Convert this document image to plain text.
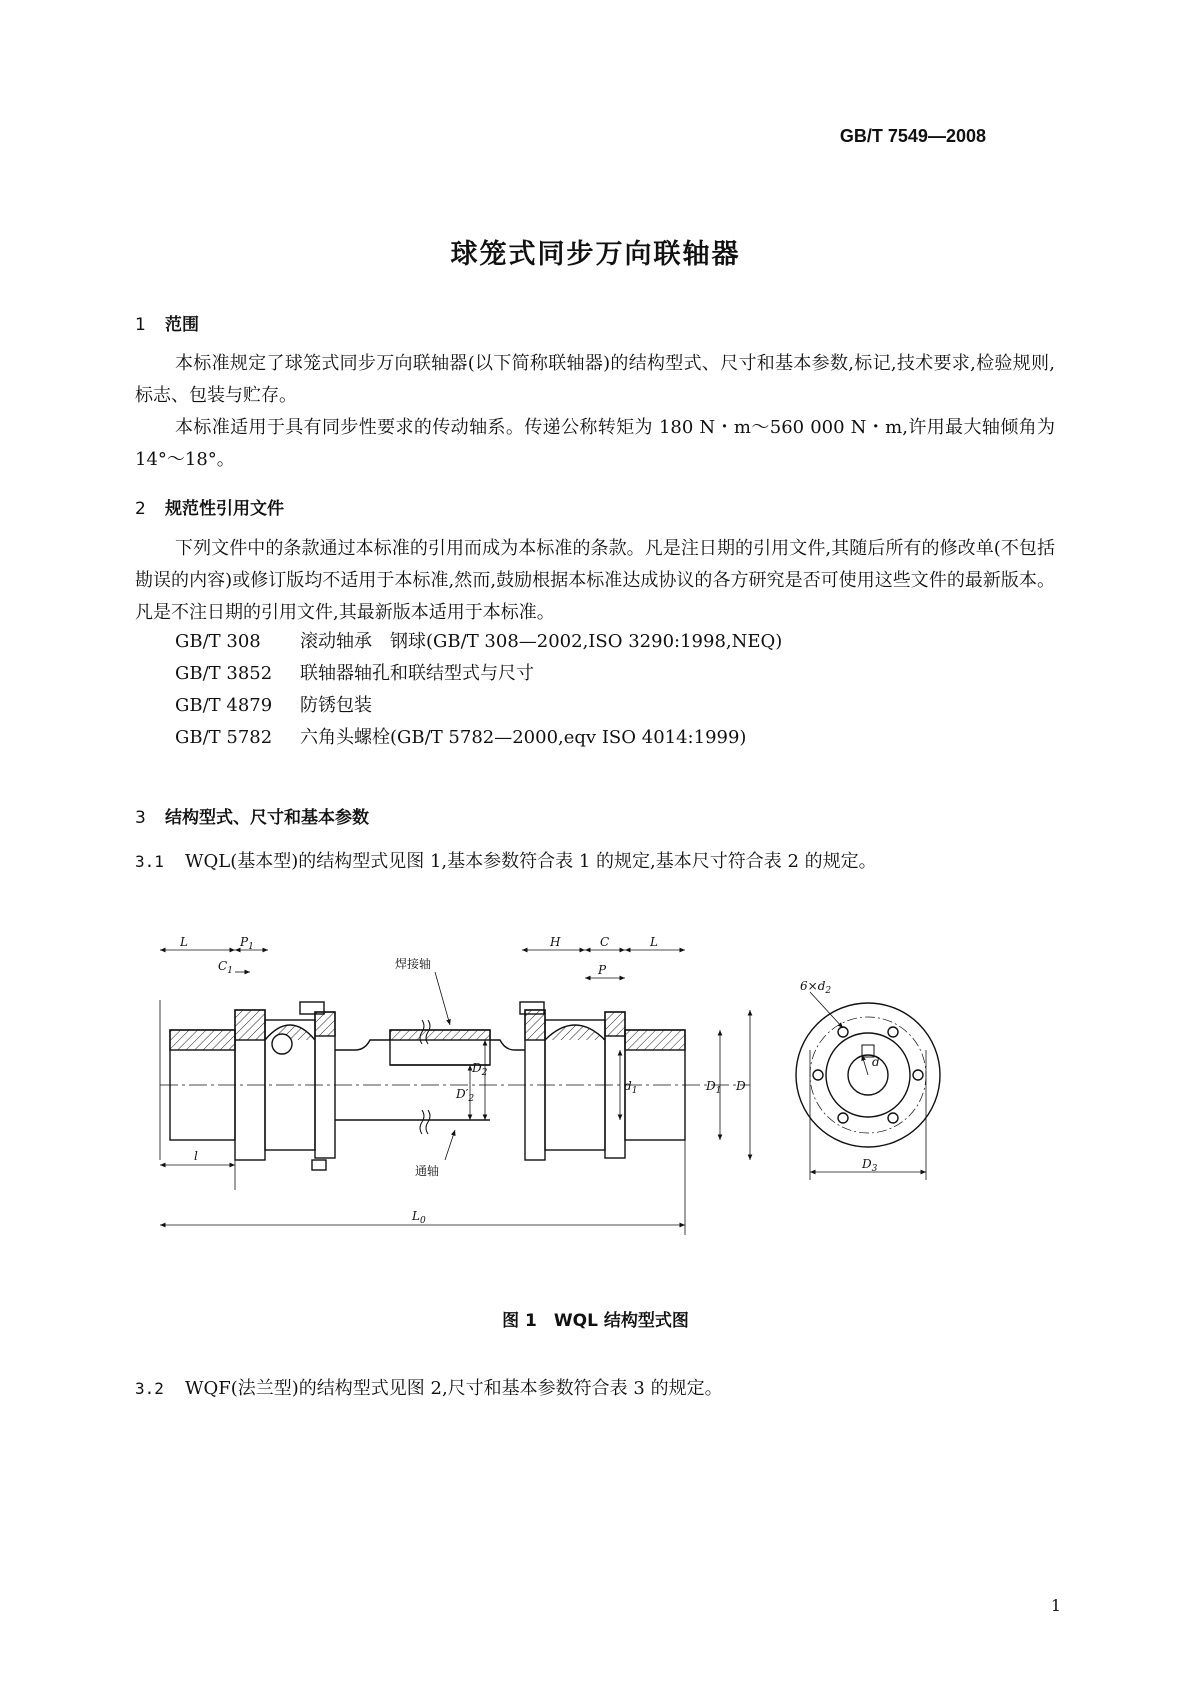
GB/T 7549—2008
球笼式同步万向联轴器
1 范围

本标准规定了球笼式同步万向联轴器(以下简称联轴器)的结构型式、尺寸和基本参数,标记,技术要求,检验规则,标志、包装与贮存。

本标准适用于具有同步性要求的传动轴系。传递公称转矩为 180 N・m～560 000 N・m,许用最大轴倾角为 14°～18°。

2 规范性引用文件

下列文件中的条款通过本标准的引用而成为本标准的条款。凡是注日期的引用文件,其随后所有的修改单(不包括勘误的内容)或修订版均不适用于本标准,然而,鼓励根据本标准达成协议的各方研究是否可使用这些文件的最新版本。凡是不注日期的引用文件,其最新版本适用于本标准。

GB/T 308 滚动轴承　钢球(GB/T 308—2002,ISO 3290:1998,NEQ)
GB/T 3852 联轴器轴孔和联结型式与尺寸
GB/T 4879 防锈包装
GB/T 5782 六角头螺栓(GB/T 5782—2000,eqv ISO 4014:1999)
3 结构型式、尺寸和基本参数
3.1 WQL(基本型)的结构型式见图 1,基本参数符合表 1 的规定,基本尺寸符合表 2 的规定。
L	$P_1$
$C_1$	焊接轴
通轴
H	C	L
P
$D'_2$
$D_2$
$d_1$	$D_1$ D
l
$L_0$
$6\times d_2$
d
$D_3$
图 1　WQL 结构型式图
3.2 WQF(法兰型)的结构型式见图 2,尺寸和基本参数符合表 3 的规定。
1
